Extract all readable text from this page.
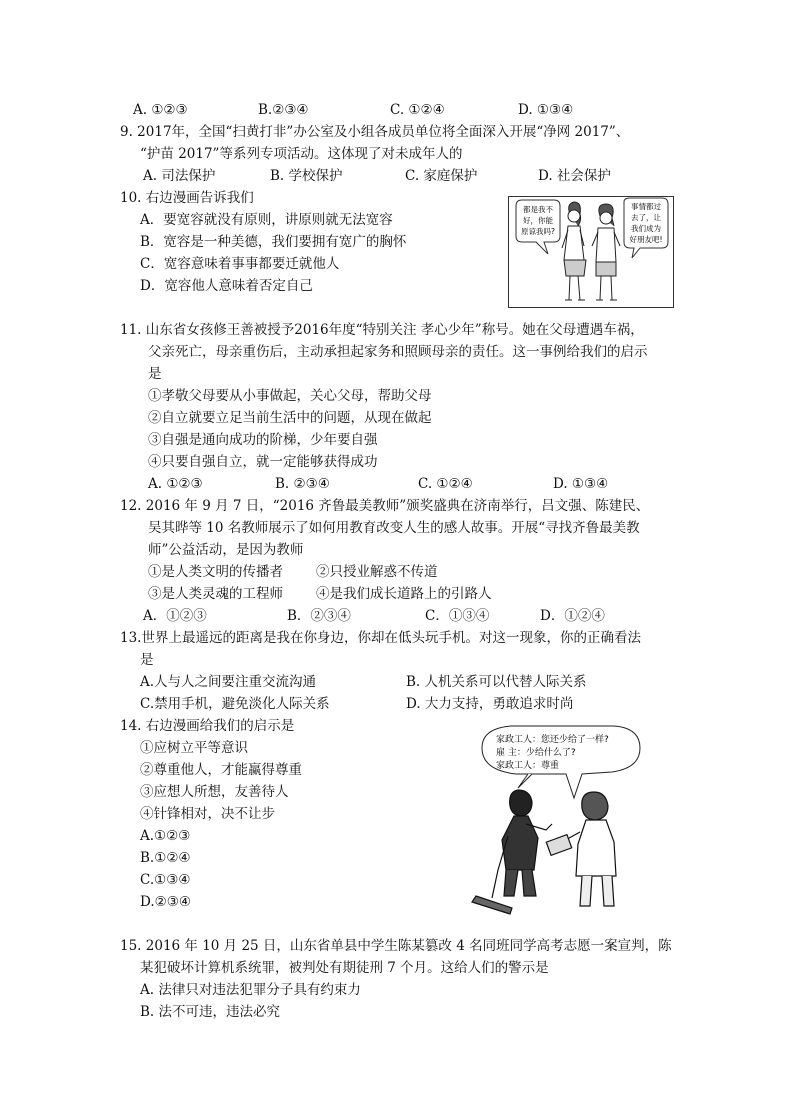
A. ①②③	B.②③④	C. ①②④	D. ①③④
9. 2017年，全国“扫黄打非”办公室及小组各成员单位将全面深入开展“净网 2017”、
“护苗 2017”等系列专项活动。这体现了对未成年人的
A. 司法保护	B. 学校保护	C. 家庭保护	D. 社会保护
10. 右边漫画告诉我们
A．要宽容就没有原则，讲原则就无法宽容
B．宽容是一种美德，我们要拥有宽广的胸怀
C．宽容意味着事事都要迁就他人
D．宽容他人意味着否定自己
都是我不
好，你能
原谅我吗?
事情都过
去了，让
我们成为
好朋友吧!
11. 山东省女孩修王善被授予2016年度“特别关注 孝心少年”称号。她在父母遭遇车祸，
父亲死亡，母亲重伤后，主动承担起家务和照顾母亲的责任。这一事例给我们的启示
是
①孝敬父母要从小事做起，关心父母，帮助父母
②自立就要立足当前生活中的问题，从现在做起
③自强是通向成功的阶梯，少年要自强
④只要自强自立，就一定能够获得成功
A. ①②③	B. ②③④	C. ①②④	D. ①③④
12. 2016 年 9 月 7 日，“2016 齐鲁最美教师”颁奖盛典在济南举行，吕文强、陈建民、
吴其晔等 10 名教师展示了如何用教育改变人生的感人故事。开展“寻找齐鲁最美教
师”公益活动，是因为教师
①是人类文明的传播者 ②只授业解惑不传道
③是人类灵魂的工程师 ④是我们成长道路上的引路人
A．①②③	B．②③④	C．①③④	D．①②④
13.世界上最遥远的距离是我在你身边，你却在低头玩手机。对这一现象，你的正确看法
是
A.人与人之间要注重交流沟通	B. 人机关系可以代替人际关系
C.禁用手机，避免淡化人际关系	D. 大力支持，勇敢追求时尚
14. 右边漫画给我们的启示是
①应树立平等意识
②尊重他人，才能赢得尊重
③应想人所想，友善待人
④针锋相对，决不让步
A.①②③
B.①②④
C.①③④
D.②③④
家政工人：您还少给了一样?
雇 主：少给什么了?
家政工人：尊重
15. 2016 年 10 月 25 日，山东省单县中学生陈某篡改 4 名同班同学高考志愿一案宣判，陈
某犯破坏计算机系统罪，被判处有期徒刑 7 个月。这给人们的警示是
A. 法律只对违法犯罪分子具有约束力
B. 法不可违，违法必究
